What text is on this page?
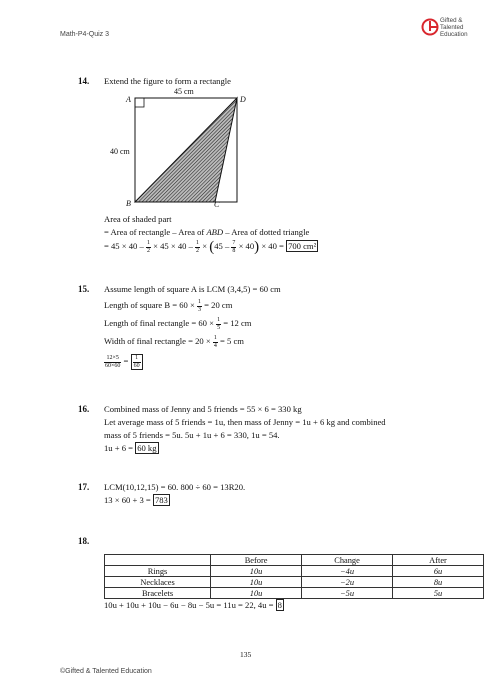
Math-P4-Quiz 3
Gifted &
Talented
Education
14. Extend the figure to form a rectangle
A	D
B	C
45 cm
40 cm
Area of shaded part
= Area of rectangle – Area of ABD – Area of dotted triangle
= $45 \times 40 - \frac{1}{2} \times 45 \times 40 - \frac{1}{2} \times (45 - \frac{7}{8} \times 40) \times 40 = 700$ cm²
15. Assume length of square A is LCM (3,4,5) = 60 cm
Length of square $B = 60 \times \frac{1}{3} = 20$ cm
Length of final rectangle = $60 \times \frac{1}{5} = 12$ cm
Width of final rectangle = $20 \times \frac{1}{4} = 5$ cm
$\frac{12\times 5}{60\times 60} = \frac{1}{60}$
16. Combined mass of Jenny and 5 friends = 55 × 6 = 330 kg
Let average mass of 5 friends = 1u, then mass of Jenny = 1u + 6 kg and combined
mass of 5 friends = 5u. 5u + 1u + 6 = 330, 1u = 54.
1u + 6 = 60 kg
17. LCM(10,12,15) = 60. 800 ÷ 60 = 13R20.
13 × 60 + 3 = 783
18.
	Before	Change	After
Rings	10u	−4u	6u
Necklaces	10u	−2u	8u
Bracelets	10u	−5u	5u
10u + 10u + 10u − 6u − 8u − 5u = 11u = 22, 4u = 8
135
©Gifted & Talented Education
